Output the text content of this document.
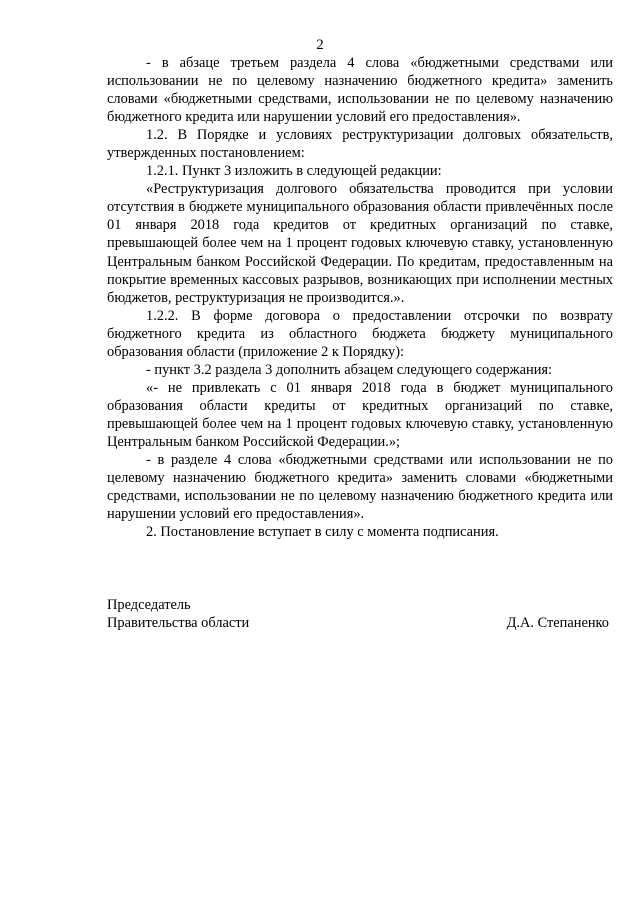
2

- в абзаце третьем раздела 4 слова «бюджетными средствами или использовании не по целевому назначению бюджетного кредита» заменить словами «бюджетными средствами, использовании не по целевому назначению бюджетного кредита или нарушении условий его предоставления».

1.2. В Порядке и условиях реструктуризации долговых обязательств, утвержденных постановлением:

1.2.1. Пункт 3 изложить в следующей редакции:

«Реструктуризация долгового обязательства проводится при условии отсутствия в бюджете муниципального образования области привлечённых после 01 января 2018 года кредитов от кредитных организаций по ставке, превышающей более чем на 1 процент годовых ключевую ставку, установленную Центральным банком Российской Федерации. По кредитам, предоставленным на покрытие временных кассовых разрывов, возникающих при исполнении местных бюджетов, реструктуризация не производится.».

1.2.2. В форме договора о предоставлении отсрочки по возврату бюджетного кредита из областного бюджета бюджету муниципального образования области (приложение 2 к Порядку):

- пункт 3.2 раздела 3 дополнить абзацем следующего содержания:

«- не привлекать с 01 января 2018 года в бюджет муниципального образования области кредиты от кредитных организаций по ставке, превышающей более чем на 1 процент годовых ключевую ставку, установленную Центральным банком Российской Федерации.»;

- в разделе 4 слова «бюджетными средствами или использовании не по целевому назначению бюджетного кредита» заменить словами «бюджетными средствами, использовании не по целевому назначению бюджетного кредита или нарушении условий его предоставления».

2. Постановление вступает в силу с момента подписания.

Председатель
Правительства области	Д.А. Степаненко
